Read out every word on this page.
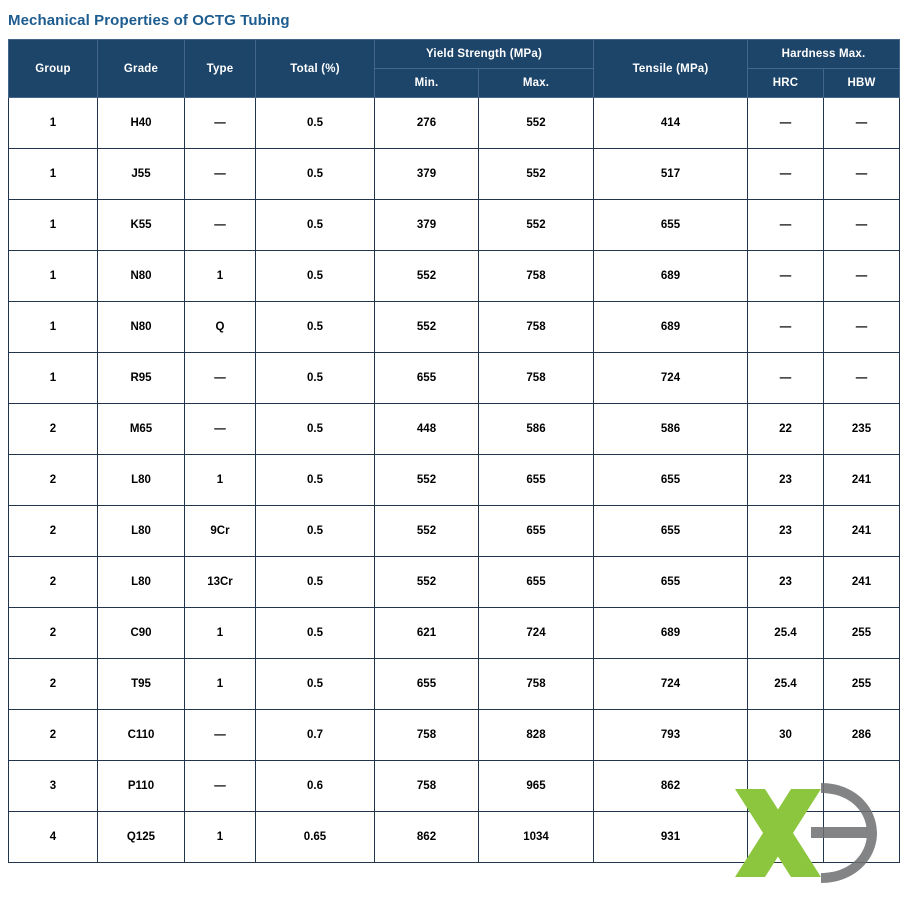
Mechanical Properties of OCTG Tubing
Group	Grade	Type	Total (%)	Yield Strength (MPa)		Tensile (MPa)	Hardness Max.	
				Min.	Max.		HRC	HBW
1	H40	—	0.5	276	552	414	—	—
1	J55	—	0.5	379	552	517	—	—
1	K55	—	0.5	379	552	655	—	—
1	N80	1	0.5	552	758	689	—	—
1	N80	Q	0.5	552	758	689	—	—
1	R95	—	0.5	655	758	724	—	—
2	M65	—	0.5	448	586	586	22	235
2	L80	1	0.5	552	655	655	23	241
2	L80	9Cr	0.5	552	655	655	23	241
2	L80	13Cr	0.5	552	655	655	23	241
2	C90	1	0.5	621	724	689	25.4	255
2	T95	1	0.5	655	758	724	25.4	255
2	C110	—	0.7	758	828	793	30	286
3	P110	—	0.6	758	965	862		
4	Q125	1	0.65	862	1034	931		
